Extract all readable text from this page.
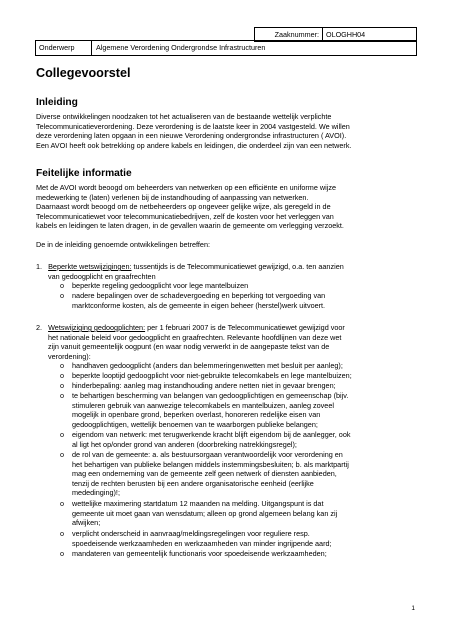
Zaaknummer: OLOGHH04
Onderwerp	Algemene Verordening Ondergrondse Infrastructuren
Collegevoorstel
Inleiding
Diverse ontwikkelingen noodzaken tot het actualiseren van de bestaande wettelijk verplichte
Telecommunicatieverordening. Deze verordening is de laatste keer in 2004 vastgesteld. We willen
deze verordening laten opgaan in een nieuwe Verordening ondergrondse infrastructuren ( AVOI).
Een AVOI heeft ook betrekking op andere kabels en leidingen, die onderdeel zijn van een netwerk.
Feitelijke informatie
Met de AVOI wordt beoogd om beheerders van netwerken op een efficiënte en uniforme wijze
medewerking te (laten) verlenen bij de instandhouding of aanpassing van netwerken.
Daarnaast wordt beoogd om de netbeheerders op ongeveer gelijke wijze, als geregeld in de
Telecommunicatiewet voor telecommunicatiebedrijven, zelf de kosten voor het verleggen van
kabels en leidingen te laten dragen, in de gevallen waarin de gemeente om verlegging verzoekt.
De in de inleiding genoemde ontwikkelingen betreffen:
1. Beperkte wetswijzigingen: tussentijds is de Telecommunicatiewet gewijzigd, o.a. ten aanzien
van gedoogplicht en graafrechten
o beperkte regeling gedoogplicht voor lege mantelbuizen
o nadere bepalingen over de schadevergoeding en beperking tot vergoeding van
marktconforme kosten, als de gemeente in eigen beheer (herstel)werk uitvoert.
2. Wetswijziging gedoogplichten: per 1 februari 2007 is de Telecommunicatiewet gewijzigd voor
het nationale beleid voor gedoogplicht en graafrechten. Relevante hoofdlijnen van deze wet
zijn vanuit gemeentelijk oogpunt (en waar nodig verwerkt in de aangepaste tekst van de
verordening):
o handhaven gedoogplicht (anders dan belemmeringenwetten met besluit per aanleg);
o beperkte looptijd gedoogplicht voor niet-gebruikte telecomkabels en lege mantelbuizen;
o hinderbepaling: aanleg mag instandhouding andere netten niet in gevaar brengen;
o te behartigen bescherming van belangen van gedoogplichtigen en gemeenschap (bijv.
stimuleren gebruik van aanwezige telecomkabels en mantelbuizen, aanleg zoveel
mogelijk in openbare grond, beperken overlast, honoreren redelijke eisen van
gedoogplichtigen, wettelijk benoemen van te waarborgen publieke belangen;
o eigendom van netwerk: met terugwerkende kracht blijft eigendom bij de aanlegger, ook
al ligt het op/onder grond van anderen (doorbreking natrekkingsregel);
o de rol van de gemeente: a. als bestuursorgaan verantwoordelijk voor verordening en
het behartigen van publieke belangen middels instemmingsbesluiten; b. als marktpartij
mag een onderneming van de gemeente zelf geen netwerk of diensten aanbieden,
tenzij de rechten berusten bij een andere organisatorische eenheid (eerlijke
mededinging)!;
o wettelijke maximering startdatum 12 maanden na melding. Uitgangspunt is dat
gemeente uit moet gaan van wensdatum; alleen op grond algemeen belang kan zij
afwijken;
o verplicht onderscheid in aanvraag/meldingsregelingen voor reguliere resp.
spoedeisende werkzaamheden en werkzaamheden van minder ingrijpende aard;
o mandateren van gemeentelijk functionaris voor spoedeisende werkzaamheden;
1
